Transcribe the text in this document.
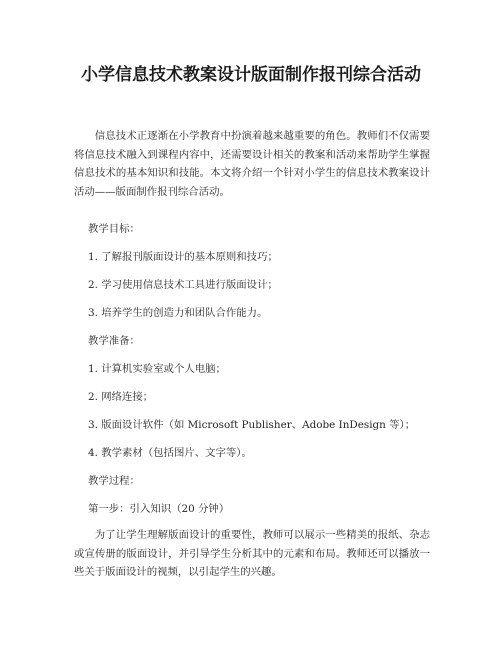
小学信息技术教案设计版面制作报刊综合活动

信息技术正逐渐在小学教育中扮演着越来越重要的角色。教师们不仅需要将信息技术融入到课程内容中，还需要设计相关的教案和活动来帮助学生掌握信息技术的基本知识和技能。本文将介绍一个针对小学生的信息技术教案设计活动——版面制作报刊综合活动。

教学目标：

1. 了解报刊版面设计的基本原则和技巧；

2. 学习使用信息技术工具进行版面设计；

3. 培养学生的创造力和团队合作能力。

教学准备：

1. 计算机实验室或个人电脑；

2. 网络连接；

3. 版面设计软件（如 Microsoft Publisher、Adobe InDesign 等）；

4. 教学素材（包括图片、文字等）。

教学过程：

第一步：引入知识（20 分钟）

为了让学生理解版面设计的重要性，教师可以展示一些精美的报纸、杂志或宣传册的版面设计，并引导学生分析其中的元素和布局。教师还可以播放一些关于版面设计的视频，以引起学生的兴趣。
